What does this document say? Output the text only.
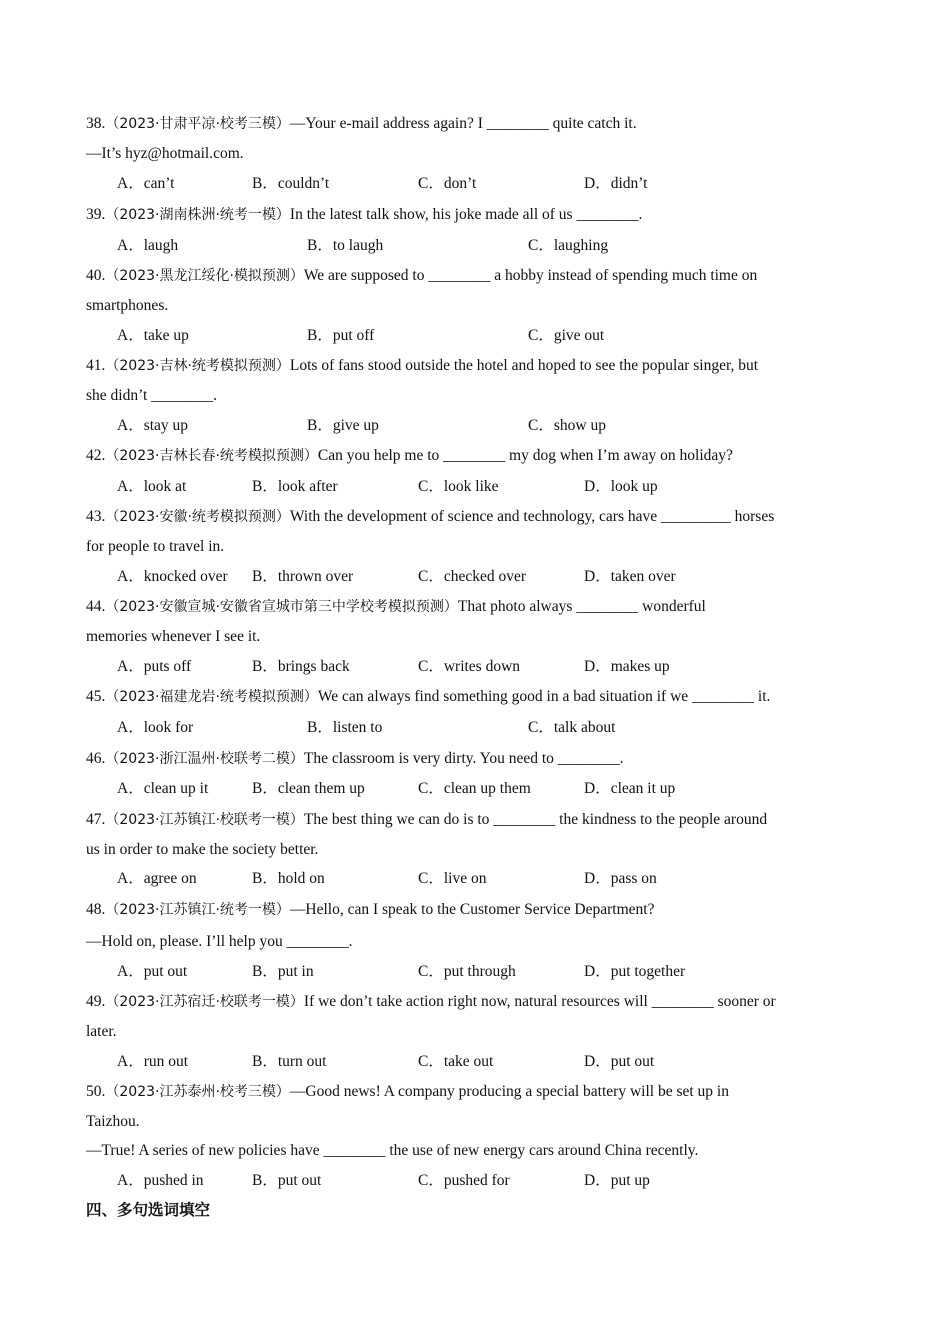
38.（2023·甘肃平凉·校考三模）—Your e-mail address again? I ________ quite catch it.
—It’s hyz@hotmail.com.
A．can’t	B．couldn’t	C．don’t	D．didn’t
39.（2023·湖南株洲·统考一模）In the latest talk show, his joke made all of us ________.
A．laugh	B．to laugh	C．laughing
40.（2023·黑龙江绥化·模拟预测）We are supposed to ________ a hobby instead of spending much time on
smartphones.
A．take up	B．put off	C．give out
41.（2023·吉林·统考模拟预测）Lots of fans stood outside the hotel and hoped to see the popular singer, but
she didn’t ________.
A．stay up	B．give up	C．show up
42.（2023·吉林长春·统考模拟预测）Can you help me to ________ my dog when I’m away on holiday?
A．look at	B．look after	C．look like	D．look up
43.（2023·安徽·统考模拟预测）With the development of science and technology, cars have _________ horses
for people to travel in.
A．knocked over B．thrown over	C．checked over	D．taken over
44.（2023·安徽宣城·安徽省宣城市第三中学校考模拟预测）That photo always ________ wonderful
memories whenever I see it.
A．puts off	B．brings back	C．writes down	D．makes up
45.（2023·福建龙岩·统考模拟预测）We can always find something good in a bad situation if we ________ it.
A．look for	B．listen to	C．talk about
46.（2023·浙江温州·校联考二模）The classroom is very dirty. You need to ________.
A．clean up it	B．clean them up	C．clean up them	D．clean it up
47.（2023·江苏镇江·校联考一模）The best thing we can do is to ________ the kindness to the people around
us in order to make the society better.
A．agree on	B．hold on	C．live on	D．pass on
48.（2023·江苏镇江·统考一模）—Hello, can I speak to the Customer Service Department?
—Hold on, please. I’ll help you ________.
A．put out	B．put in	C．put through	D．put together
49.（2023·江苏宿迁·校联考一模）If we don’t take action right now, natural resources will ________ sooner or
later.
A．run out	B．turn out	C．take out	D．put out
50.（2023·江苏泰州·校考三模）—Good news! A company producing a special battery will be set up in
Taizhou.
—True! A series of new policies have ________ the use of new energy cars around China recently.
A．pushed in	B．put out	C．pushed for	D．put up
四、多句选词填空
